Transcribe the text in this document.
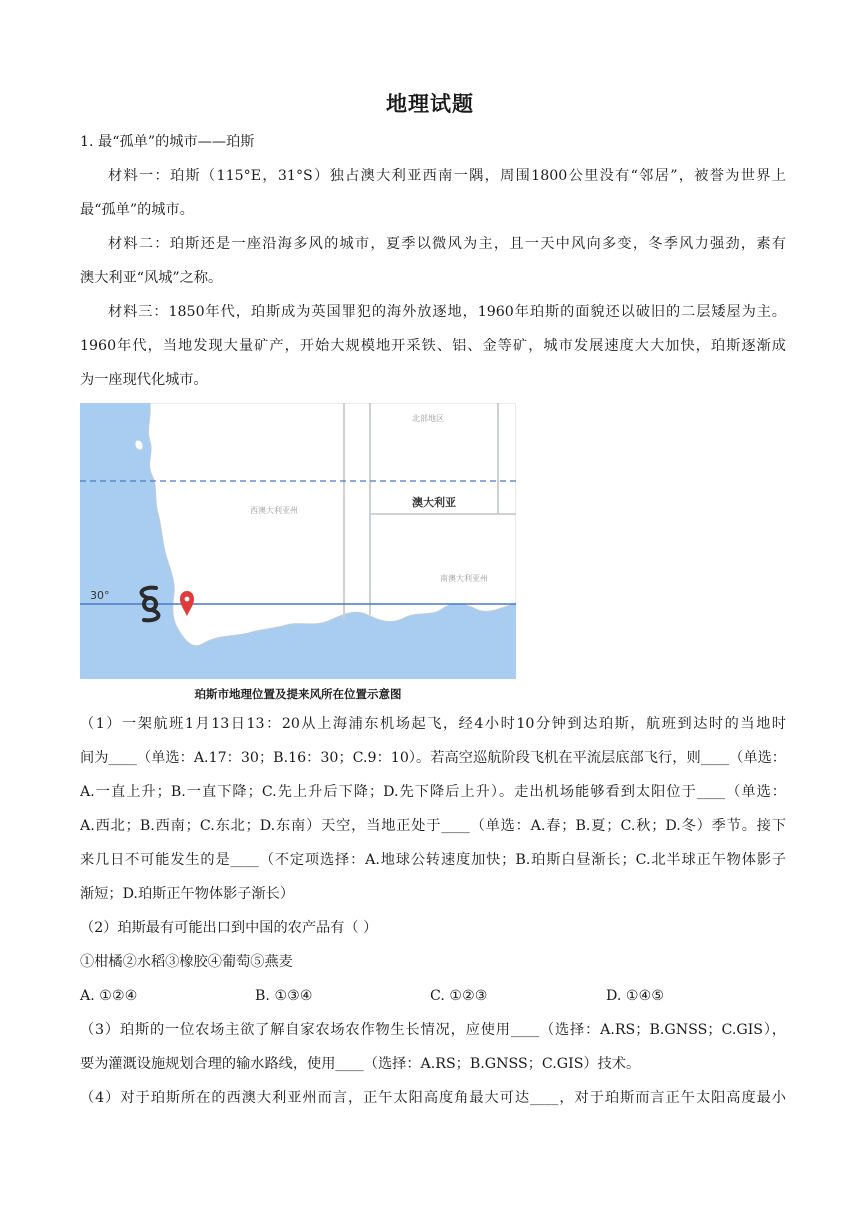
地理试题
1. 最“孤单”的城市——珀斯
材料一：珀斯（115°E，31°S）独占澳大利亚西南一隅，周围1800公里没有“邻居”，被誉为世界上
最“孤单”的城市。
材料二：珀斯还是一座沿海多风的城市，夏季以微风为主，且一天中风向多变，冬季风力强劲，素有
澳大利亚“风城”之称。
材料三：1850年代，珀斯成为英国罪犯的海外放逐地，1960年珀斯的面貌还以破旧的二层矮屋为主。
1960年代，当地发现大量矿产，开始大规模地开采铁、铝、金等矿，城市发展速度大大加快，珀斯逐渐成
为一座现代化城市。
北部地区
西澳大利亚州
澳大利亚
南澳大利亚州
30°
珀斯市地理位置及提来风所在位置示意图
（1）一架航班1月13日13：20从上海浦东机场起飞，经4小时10分钟到达珀斯，航班到达时的当地时
间为____（单选：A.17：30；B.16：30；C.9：10）。若高空巡航阶段飞机在平流层底部飞行，则____（单选：
A.一直上升；B.一直下降；C.先上升后下降；D.先下降后上升）。走出机场能够看到太阳位于____（单选：
A.西北；B.西南；C.东北；D.东南）天空，当地正处于____（单选：A.春；B.夏；C.秋；D.冬）季节。接下
来几日不可能发生的是____（不定项选择：A.地球公转速度加快；B.珀斯白昼渐长；C.北半球正午物体影子
渐短；D.珀斯正午物体影子渐长）
（2）珀斯最有可能出口到中国的农产品有（ ）
①柑橘②水稻③橡胶④葡萄⑤燕麦
A. ①②④	B. ①③④	C. ①②③	D. ①④⑤
（3）珀斯的一位农场主欲了解自家农场农作物生长情况，应使用____（选择：A.RS；B.GNSS；C.GIS），
要为灌溉设施规划合理的输水路线，使用____（选择：A.RS；B.GNSS；C.GIS）技术。
（4）对于珀斯所在的西澳大利亚州而言，正午太阳高度角最大可达____，对于珀斯而言正午太阳高度最小
